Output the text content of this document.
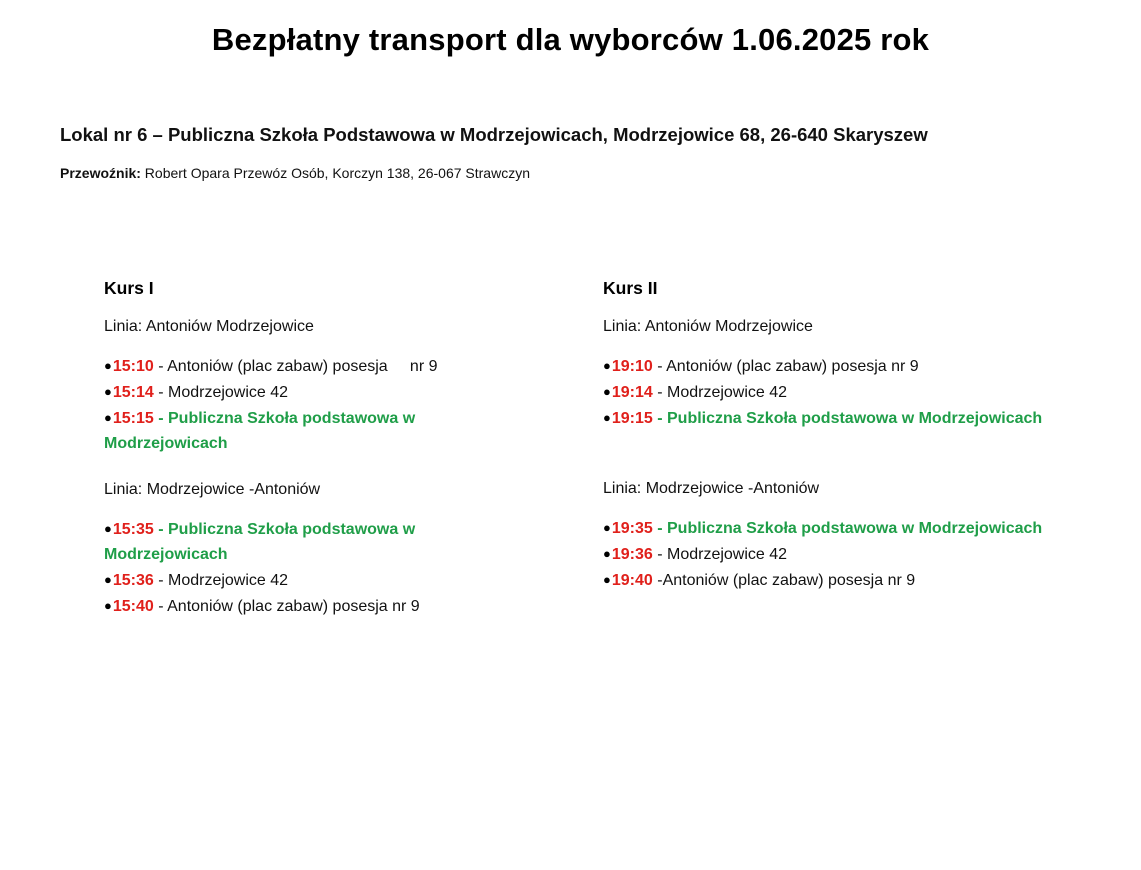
Bezpłatny transport dla wyborców 1.06.2025 rok
Lokal nr 6 – Publiczna Szkoła Podstawowa w Modrzejowicach, Modrzejowice 68, 26-640 Skaryszew
Przewoźnik: Robert Opara Przewóz Osób, Korczyn 138, 26-067 Strawczyn
Kurs I
Linia: Antoniów Modrzejowice
●15:10 - Antoniów (plac zabaw) posesja     nr 9
●15:14 - Modrzejowice 42
●15:15 - Publiczna Szkoła podstawowa w Modrzejowicach
Linia: Modrzejowice -Antoniów
●15:35 - Publiczna Szkoła podstawowa w Modrzejowicach
●15:36 - Modrzejowice 42
●15:40 - Antoniów (plac zabaw) posesja nr 9
Kurs II
Linia: Antoniów Modrzejowice
●19:10 - Antoniów (plac zabaw) posesja nr 9
●19:14 - Modrzejowice 42
●19:15 - Publiczna Szkoła podstawowa w Modrzejowicach
Linia: Modrzejowice -Antoniów
●19:35 - Publiczna Szkoła podstawowa w Modrzejowicach
●19:36 - Modrzejowice 42
●19:40 -Antoniów (plac zabaw) posesja nr 9
